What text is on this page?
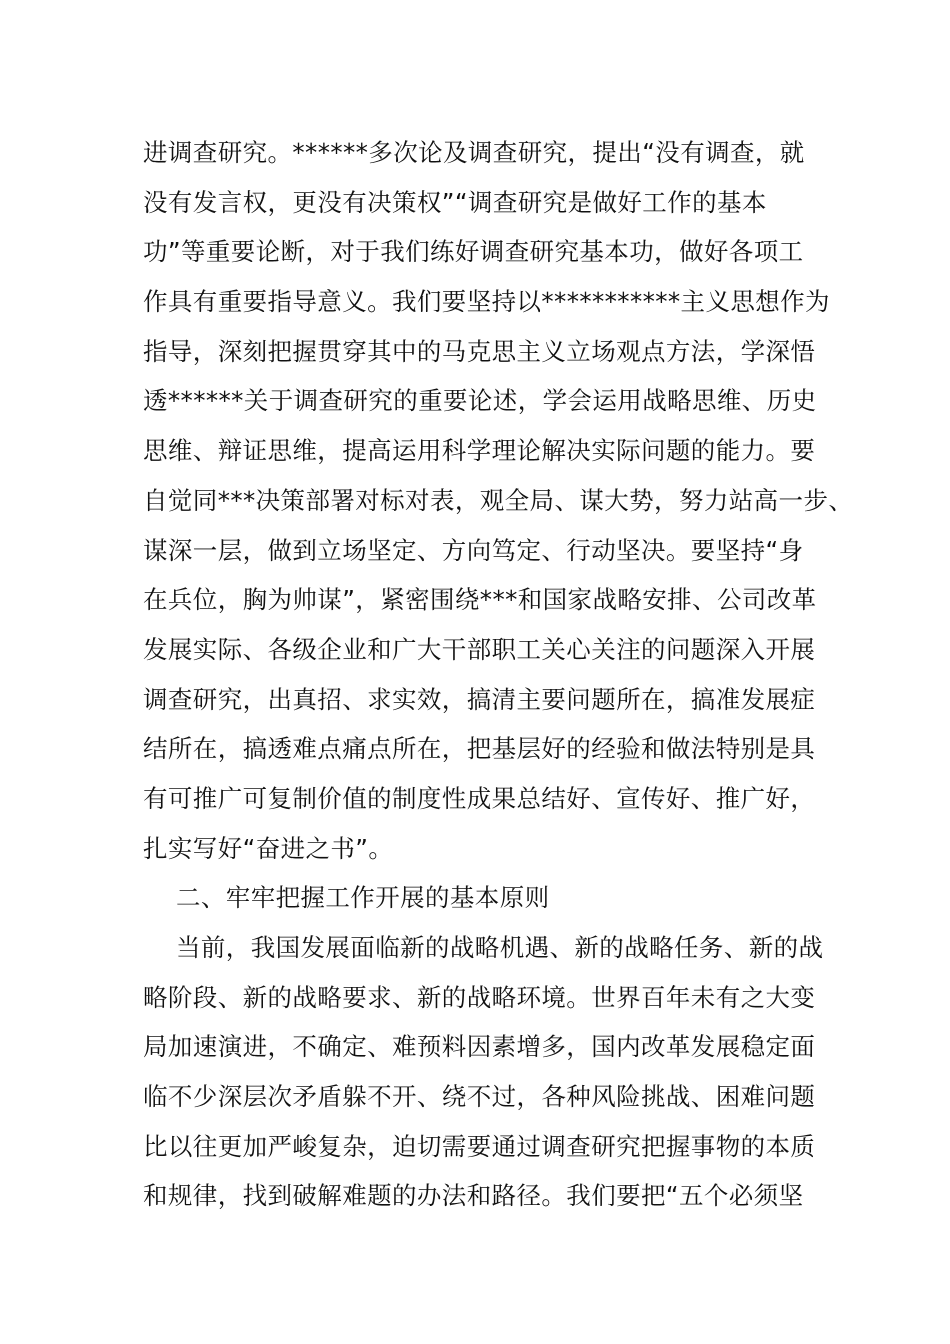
进调查研究。******多次论及调查研究，提出“没有调查，就
没有发言权，更没有决策权”“调查研究是做好工作的基本
功”等重要论断，对于我们练好调查研究基本功，做好各项工
作具有重要指导意义。我们要坚持以***********主义思想作为
指导，深刻把握贯穿其中的马克思主义立场观点方法，学深悟
透******关于调查研究的重要论述，学会运用战略思维、历史
思维、辩证思维，提高运用科学理论解决实际问题的能力。要
自觉同***决策部署对标对表，观全局、谋大势，努力站高一步、
谋深一层，做到立场坚定、方向笃定、行动坚决。要坚持“身
在兵位，胸为帅谋”，紧密围绕***和国家战略安排、公司改革
发展实际、各级企业和广大干部职工关心关注的问题深入开展
调查研究，出真招、求实效，搞清主要问题所在，搞准发展症
结所在，搞透难点痛点所在，把基层好的经验和做法特别是具
有可推广可复制价值的制度性成果总结好、宣传好、推广好，
扎实写好“奋进之书”。
二、牢牢把握工作开展的基本原则
当前，我国发展面临新的战略机遇、新的战略任务、新的战
略阶段、新的战略要求、新的战略环境。世界百年未有之大变
局加速演进，不确定、难预料因素增多，国内改革发展稳定面
临不少深层次矛盾躲不开、绕不过，各种风险挑战、困难问题
比以往更加严峻复杂，迫切需要通过调查研究把握事物的本质
和规律，找到破解难题的办法和路径。我们要把“五个必须坚
